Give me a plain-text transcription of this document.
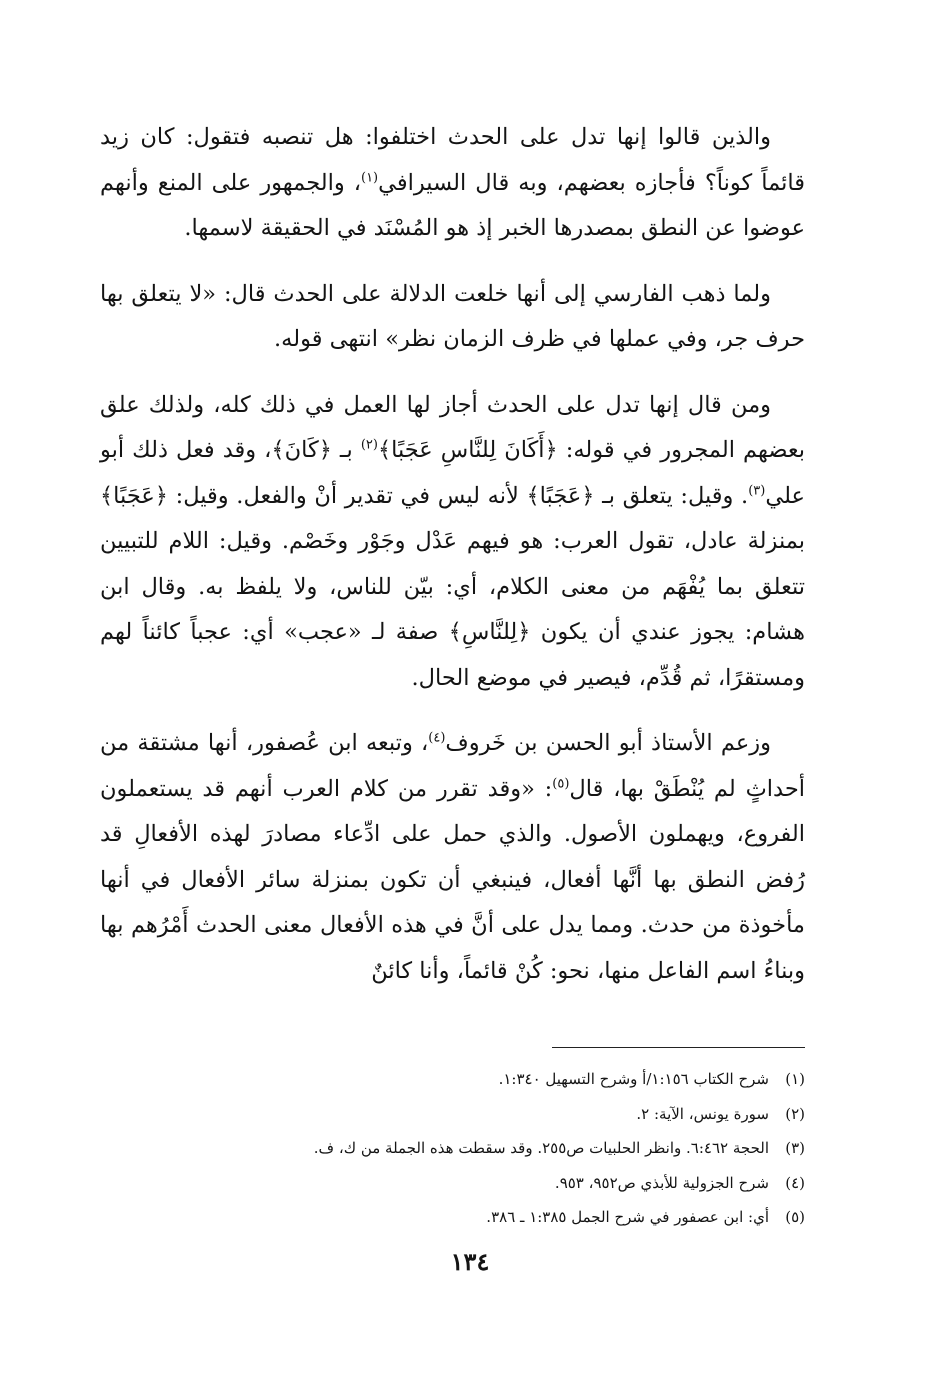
والذين قالوا إنها تدل على الحدث اختلفوا: هل تنصبه فتقول: كان زيد قائماً كوناً؟ فأجازه بعضهم، وبه قال السيرافي$^{(١)}$، والجمهور على المنع وأنهم عوضوا عن النطق بمصدرها الخبر إذ هو المُسْنَد في الحقيقة لاسمها.

ولما ذهب الفارسي إلى أنها خلعت الدلالة على الحدث قال: «لا يتعلق بها حرف جر، وفي عملها في ظرف الزمان نظر» انتهى قوله.

ومن قال إنها تدل على الحدث أجاز لها العمل في ذلك كله، ولذلك علق بعضهم المجرور في قوله: ﴿أَكَانَ لِلنَّاسِ عَجَبًا﴾$^{(٢)}$ بـ ﴿كَانَ﴾، وقد فعل ذلك أبو علي$^{(٣)}$. وقيل: يتعلق بـ ﴿عَجَبًا﴾ لأنه ليس في تقدير أنْ والفعل. وقيل: ﴿عَجَبًا﴾ بمنزلة عادل، تقول العرب: هو فيهم عَدْل وجَوْر وخَصْم. وقيل: اللام للتبيين تتعلق بما يُفْهَم من معنى الكلام، أي: بيّن للناس، ولا يلفظ به. وقال ابن هشام: يجوز عندي أن يكون ﴿لِلنَّاسِ﴾ صفة لـ «عجب» أي: عجباً كائناً لهم ومستقرًا، ثم قُدِّم، فيصير في موضع الحال.

وزعم الأستاذ أبو الحسن بن خَروف$^{(٤)}$، وتبعه ابن عُصفور، أنها مشتقة من أحداثٍ لم يُنْطَقْ بها، قال$^{(٥)}$: «وقد تقرر من كلام العرب أنهم قد يستعملون الفروع، ويهملون الأصول. والذي حمل على ادِّعاء مصادرَ لهذه الأفعالِ قد رُفض النطق بها أنَّها أفعال، فينبغي أن تكون بمنزلة سائر الأفعال في أنها مأخوذة من حدث. ومما يدل على أنَّ في هذه الأفعال معنى الحدث أَمْرُهم بها وبناءُ اسم الفاعل منها، نحو: كُنْ قائماً، وأنا كائنٌ

(١)
شرح الكتاب ١:١٥٦/أ وشرح التسهيل ١:٣٤٠.
(٢)
سورة يونس، الآية: ٢.
(٣)
الحجة ٦:٤٦٢. وانظر الحلبيات ص٢٥٥. وقد سقطت هذه الجملة من ك، ف.
(٤)
شرح الجزولية للأبذي ص٩٥٢، ٩٥٣.
(٥)
أي: ابن عصفور في شرح الجمل ١:٣٨٥ ـ ٣٨٦.
١٣٤
